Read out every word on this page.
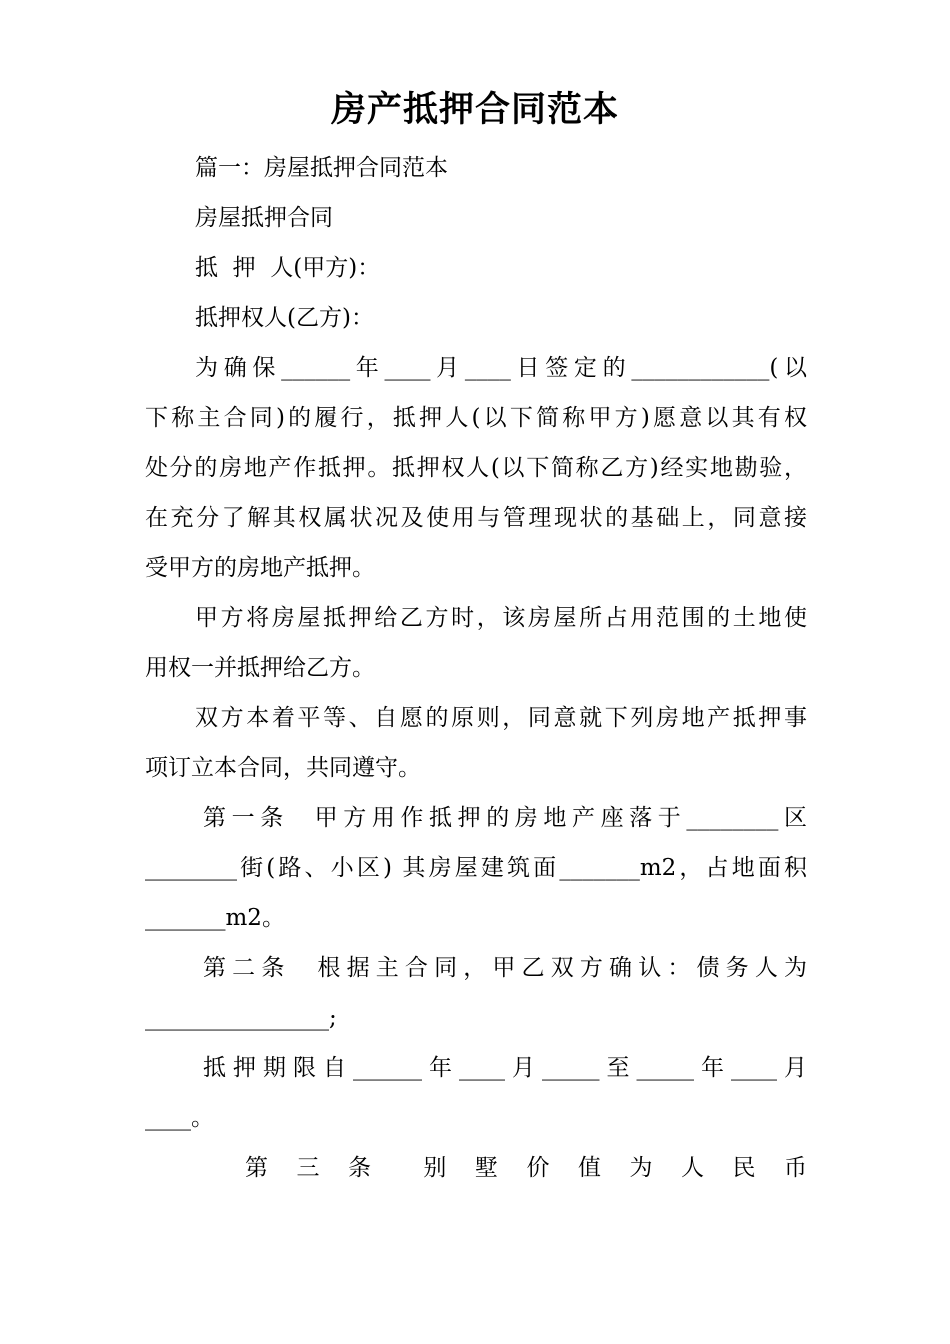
房产抵押合同范本
篇一：房屋抵押合同范本
房屋抵押合同
抵  押  人(甲方)：
抵押权人(乙方)：
为确保______年____月____日签定的____________(以
下称主合同)的履行，抵押人(以下简称甲方)愿意以其有权
处分的房地产作抵押。抵押权人(以下简称乙方)经实地勘验，
在充分了解其权属状况及使用与管理现状的基础上，同意接
受甲方的房地产抵押。
甲方将房屋抵押给乙方时，该房屋所占用范围的土地使
用权一并抵押给乙方。
双方本着平等、自愿的原则，同意就下列房地产抵押事
项订立本合同，共同遵守。
第一条  甲方用作抵押的房地产座落于________区
________街(路、小区) 其房屋建筑面_______m2，占地面积
_______m2。
第二条  根据主合同，甲乙双方确认：债务人为
________________;
抵押期限自______年____月_____至_____年____月
____。
第  三  条    别  墅  价  值  为  人  民  币
